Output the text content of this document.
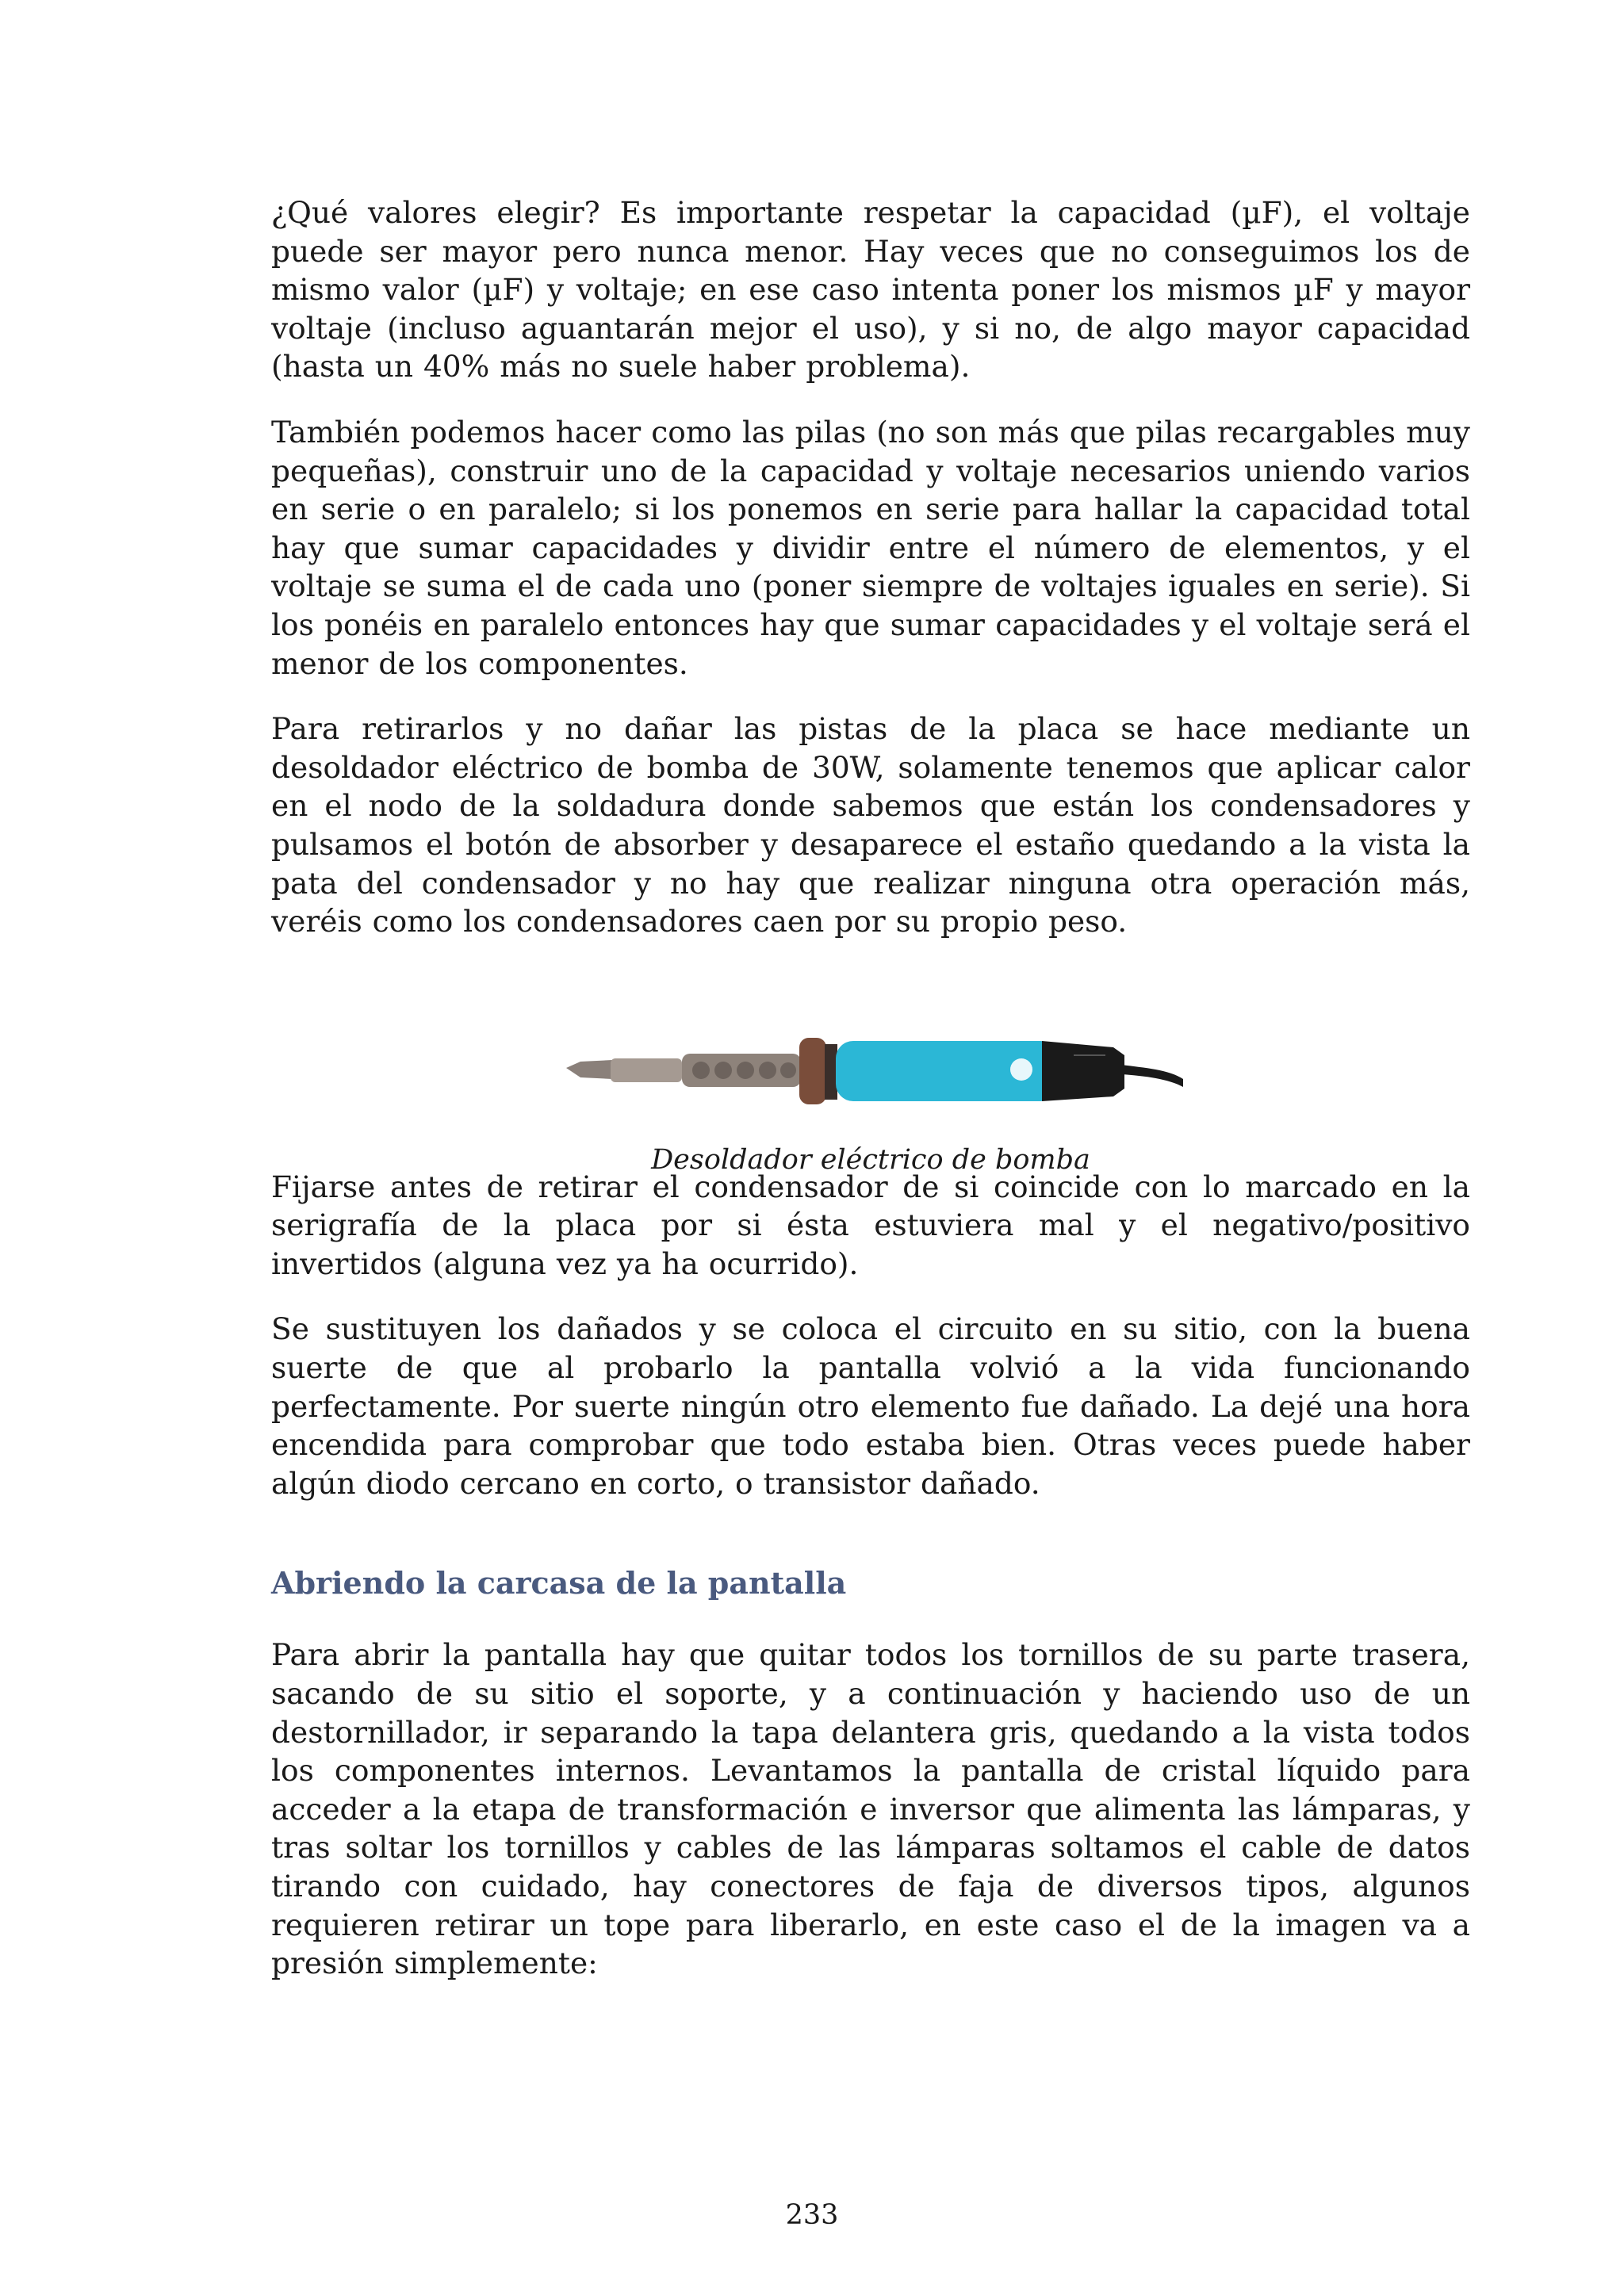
¿Qué valores elegir? Es importante respetar la capacidad (µF), el voltaje puede ser mayor pero nunca menor. Hay veces que no conseguimos los de mismo valor (µF) y voltaje; en ese caso intenta poner los mismos µF y mayor voltaje (incluso aguantarán mejor el uso), y si no, de algo mayor capacidad (hasta un 40% más no suele haber problema).

También podemos hacer como las pilas (no son más que pilas recargables muy pequeñas), construir uno de la capacidad y voltaje necesarios uniendo varios en serie o en paralelo; si los ponemos en serie para hallar la capacidad total hay que sumar capacidades y dividir entre el número de elementos, y el voltaje se suma el de cada uno (poner siempre de voltajes iguales en serie). Si los ponéis en paralelo entonces hay que sumar capacidades y el voltaje será el menor de los componentes.

Para retirarlos y no dañar las pistas de la placa se hace mediante un desoldador eléctrico de bomba de 30W, solamente tenemos que aplicar calor en el nodo de la soldadura donde sabemos que están los condensadores y pulsamos el botón de absorber y desaparece el estaño quedando a la vista la pata del condensador y no hay que realizar ninguna otra operación más, veréis como los condensadores caen por su propio peso.

Desoldador eléctrico de bomba

Fijarse antes de retirar el condensador de si coincide con lo marcado en la serigrafía de la placa por si ésta estuviera mal y el negativo/positivo invertidos (alguna vez ya ha ocurrido).

Se sustituyen los dañados y se coloca el circuito en su sitio, con la buena suerte de que al probarlo la pantalla volvió a la vida funcionando perfectamente. Por suerte ningún otro elemento fue dañado. La dejé una hora encendida para comprobar que todo estaba bien. Otras veces puede haber algún diodo cercano en corto, o transistor dañado.

Abriendo la carcasa de la pantalla

Para abrir la pantalla hay que quitar todos los tornillos de su parte trasera, sacando de su sitio el soporte, y a continuación y haciendo uso de un destornillador, ir separando la tapa delantera gris, quedando a la vista todos los componentes internos. Levantamos la pantalla de cristal líquido para acceder a la etapa de transformación e inversor que alimenta las lámparas, y tras soltar los tornillos y cables de las lámparas soltamos el cable de datos tirando con cuidado, hay conectores de faja de diversos tipos, algunos requieren retirar un tope para liberarlo, en este caso el de la imagen va a presión simplemente:

233
